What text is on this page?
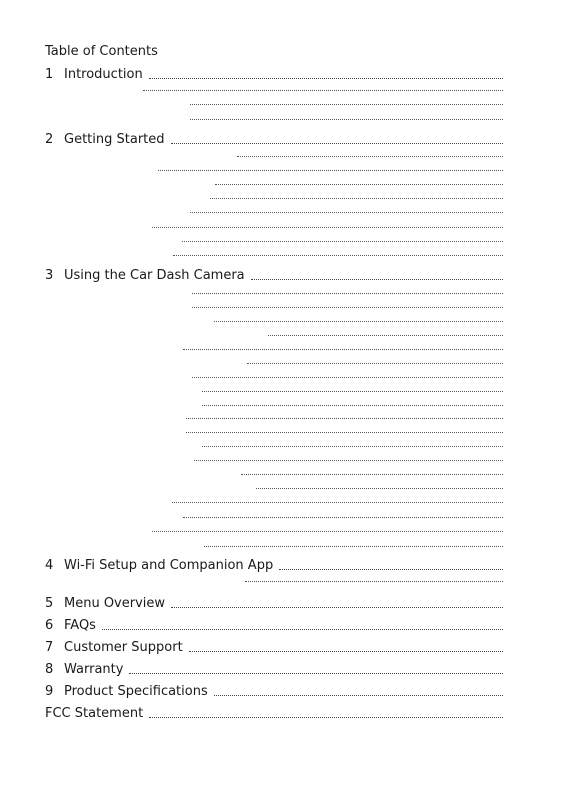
Table of Contents
1 Introduction
2 Getting Started
3 Using the Car Dash Camera
4 Wi-Fi Setup and Companion App
5 Menu Overview
6 FAQs
7 Customer Support
8 Warranty
9 Product Specifications
FCC Statement
